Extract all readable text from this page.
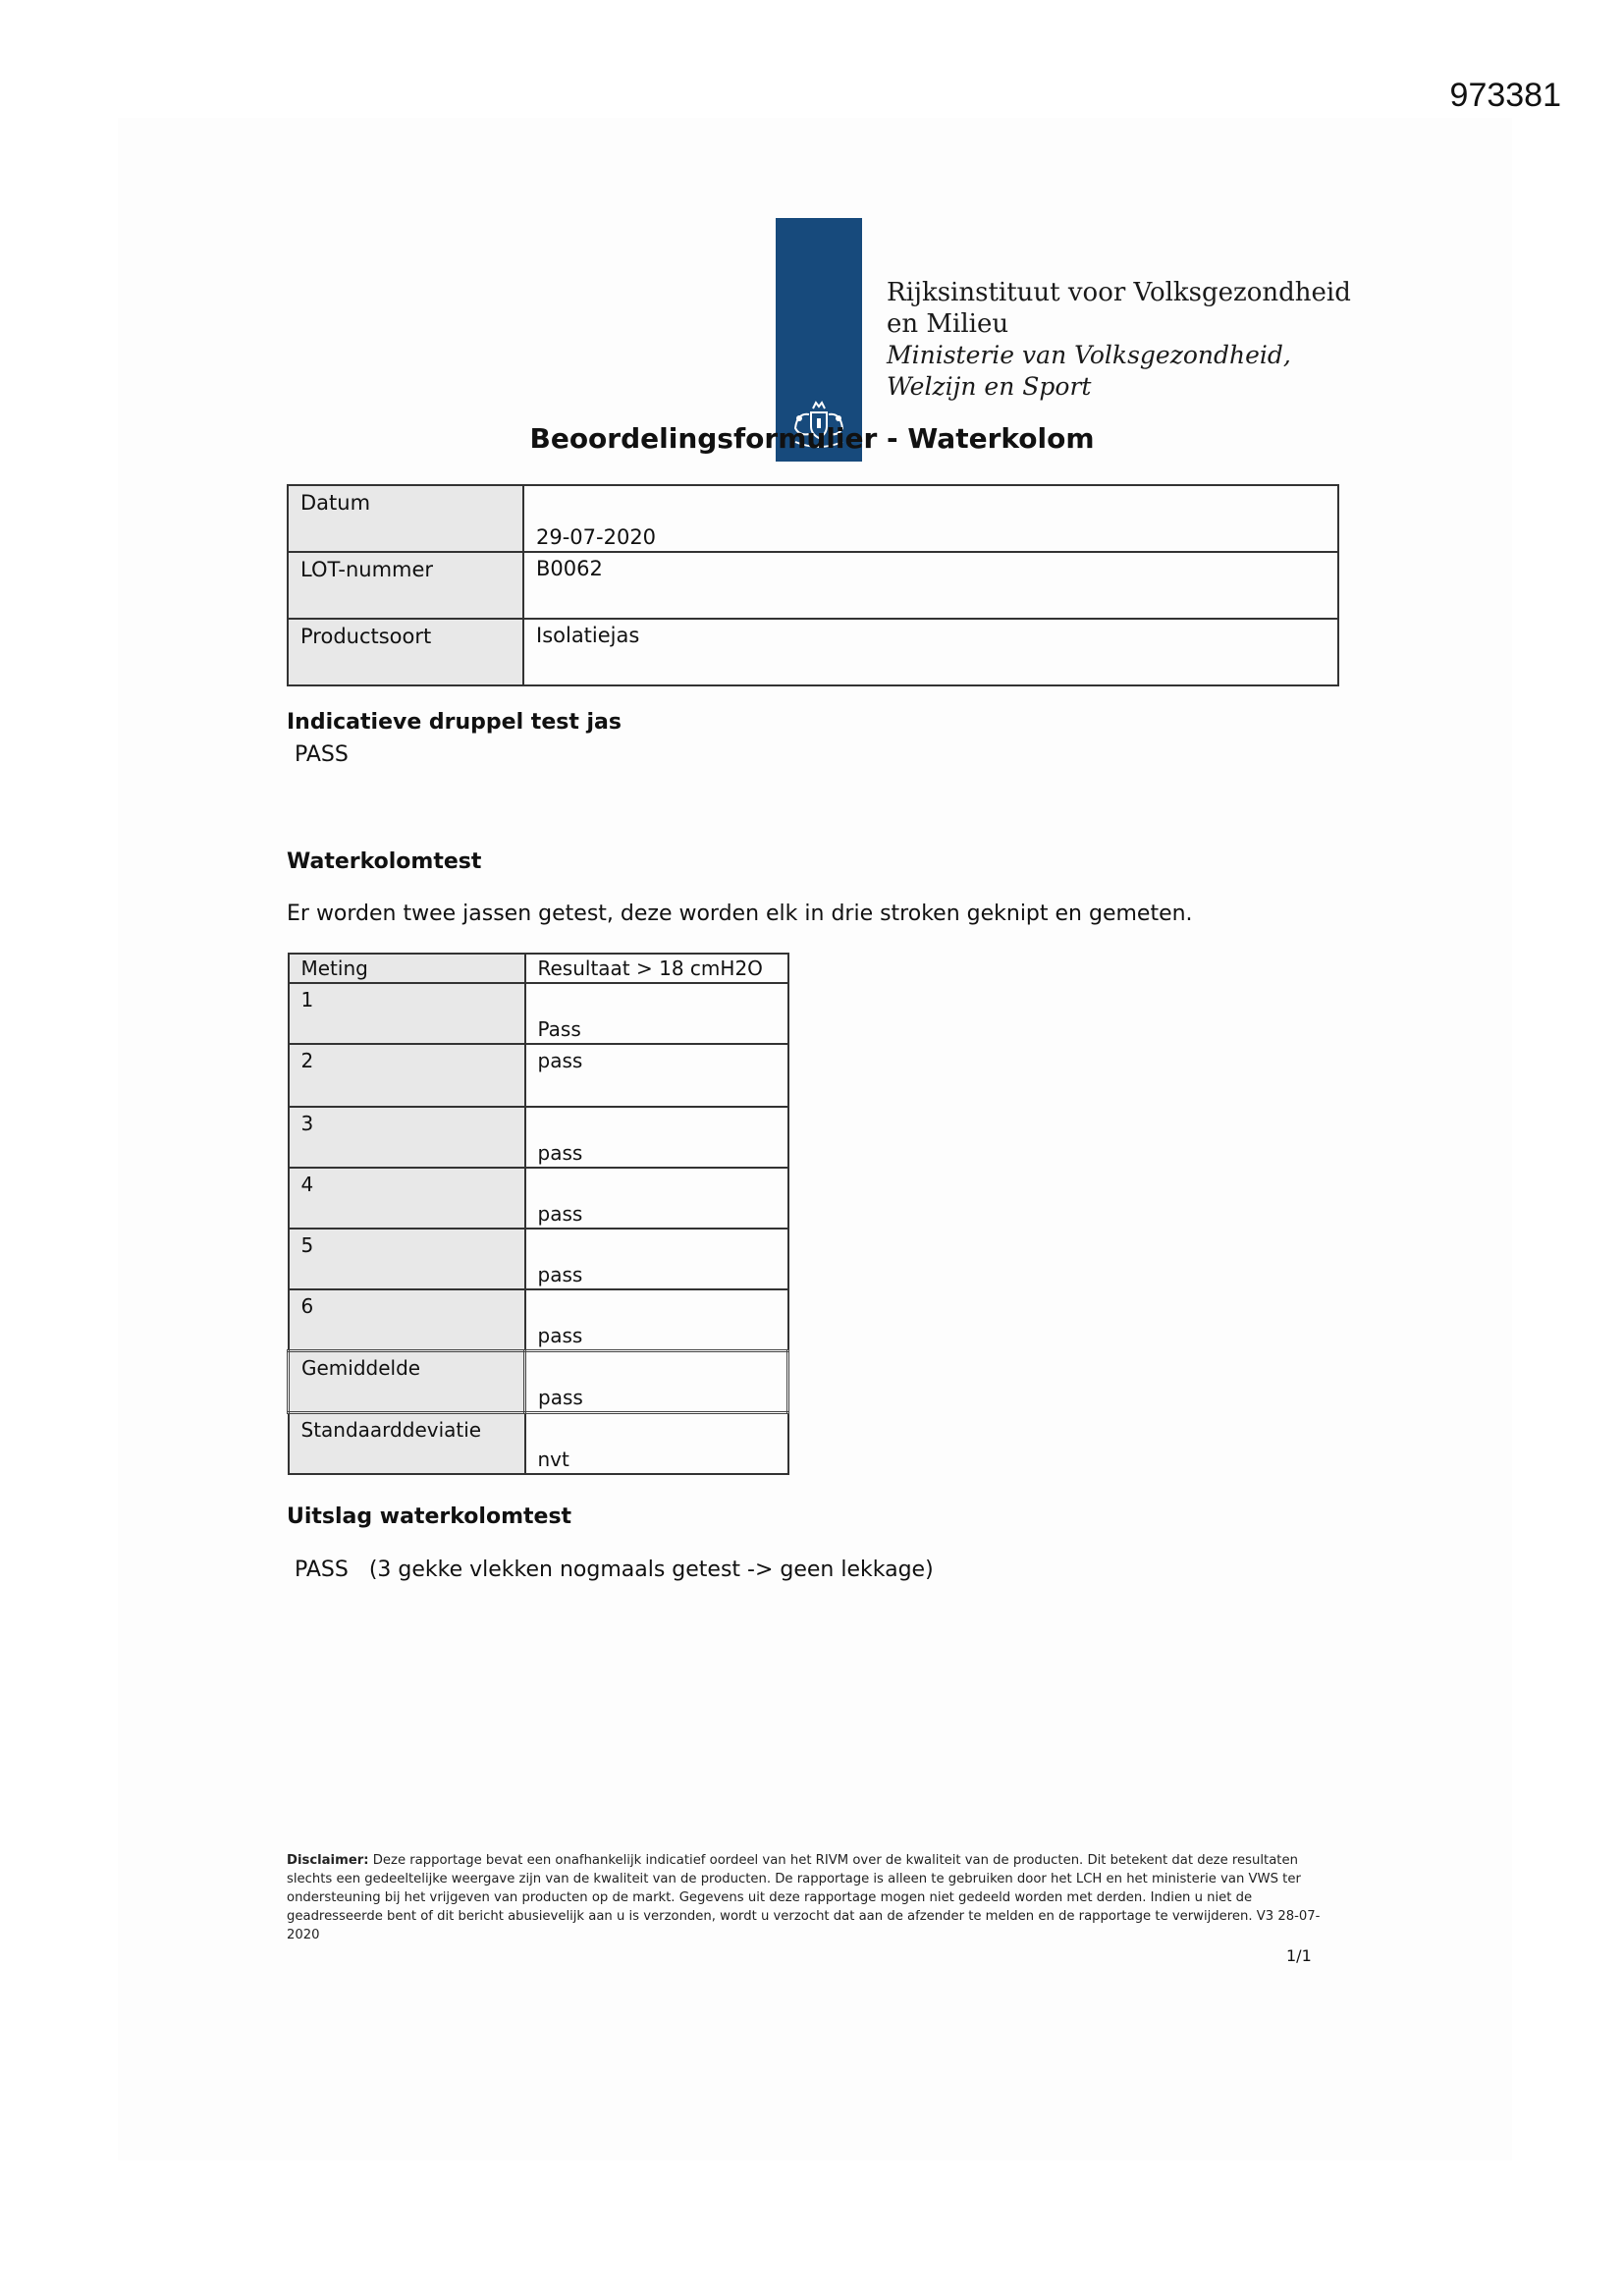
973381
Rijksinstituut voor Volksgezondheid
en Milieu
Ministerie van Volksgezondheid,
Welzijn en Sport
Beoordelingsformulier - Waterkolom
Datum	29-07-2020
LOT-nummer	B0062
Productsoort	Isolatiejas
Indicatieve druppel test jas
PASS
Waterkolomtest
Er worden twee jassen getest, deze worden elk in drie stroken geknipt en gemeten.
Meting	Resultaat > 18 cmH2O
1	Pass
2	pass
3	pass
4	pass
5	pass
6	pass
Gemiddelde	pass
Standaarddeviatie	nvt
Uitslag waterkolomtest
PASS   (3 gekke vlekken nogmaals getest -> geen lekkage)
Disclaimer: Deze rapportage bevat een onafhankelijk indicatief oordeel van het RIVM over de kwaliteit van de producten. Dit betekent dat deze resultaten slechts een gedeeltelijke weergave zijn van de kwaliteit van de producten. De rapportage is alleen te gebruiken door het LCH en het ministerie van VWS ter ondersteuning bij het vrijgeven van producten op de markt. Gegevens uit deze rapportage mogen niet gedeeld worden met derden. Indien u niet de geadresseerde bent of dit bericht abusievelijk aan u is verzonden, wordt u verzocht dat aan de afzender te melden en de rapportage te verwijderen. V3 28-07-2020
1/1
